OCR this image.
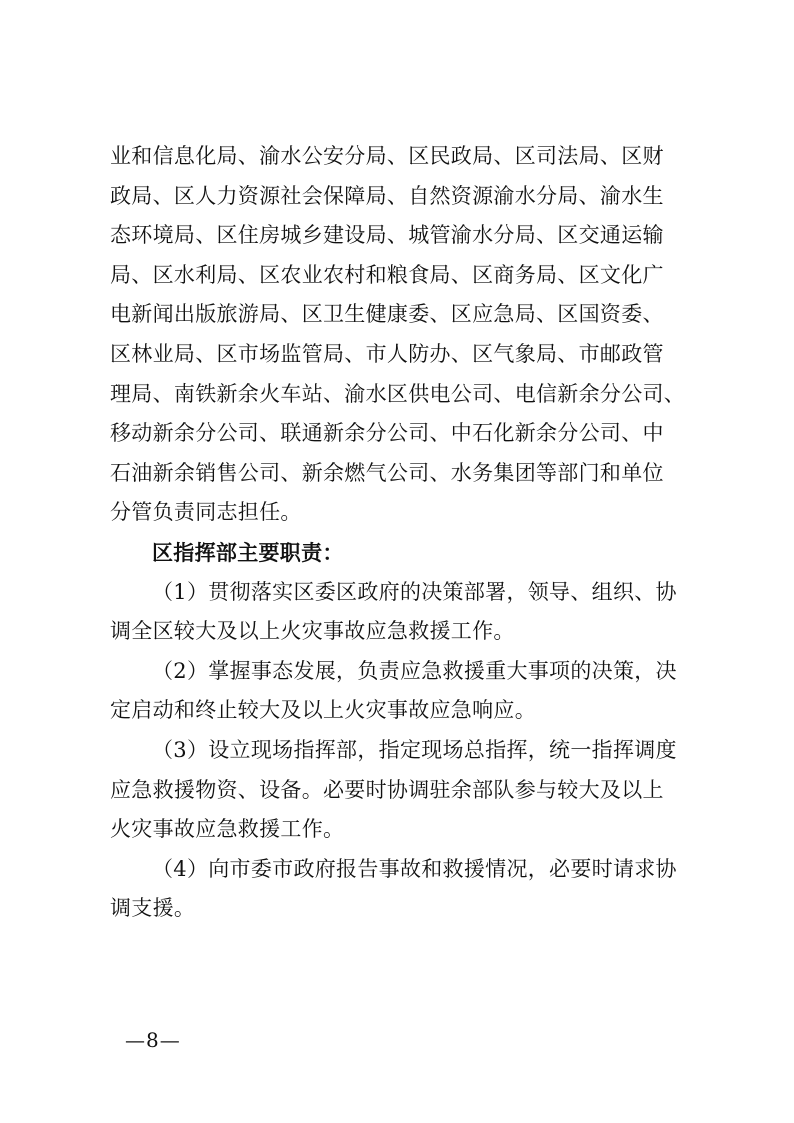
业和信息化局、渝水公安分局、区民政局、区司法局、区财
政局、区人力资源社会保障局、自然资源渝水分局、渝水生
态环境局、区住房城乡建设局、城管渝水分局、区交通运输
局、区水利局、区农业农村和粮食局、区商务局、区文化广
电新闻出版旅游局、区卫生健康委、区应急局、区国资委、
区林业局、区市场监管局、市人防办、区气象局、市邮政管
理局、南铁新余火车站、渝水区供电公司、电信新余分公司、
移动新余分公司、联通新余分公司、中石化新余分公司、中
石油新余销售公司、新余燃气公司、水务集团等部门和单位
分管负责同志担任。
区指挥部主要职责：
（1）贯彻落实区委区政府的决策部署，领导、组织、协
调全区较大及以上火灾事故应急救援工作。
（2）掌握事态发展，负责应急救援重大事项的决策，决
定启动和终止较大及以上火灾事故应急响应。
（3）设立现场指挥部，指定现场总指挥，统一指挥调度
应急救援物资、设备。必要时协调驻余部队参与较大及以上
火灾事故应急救援工作。
（4）向市委市政府报告事故和救援情况，必要时请求协
调支援。
—8—
